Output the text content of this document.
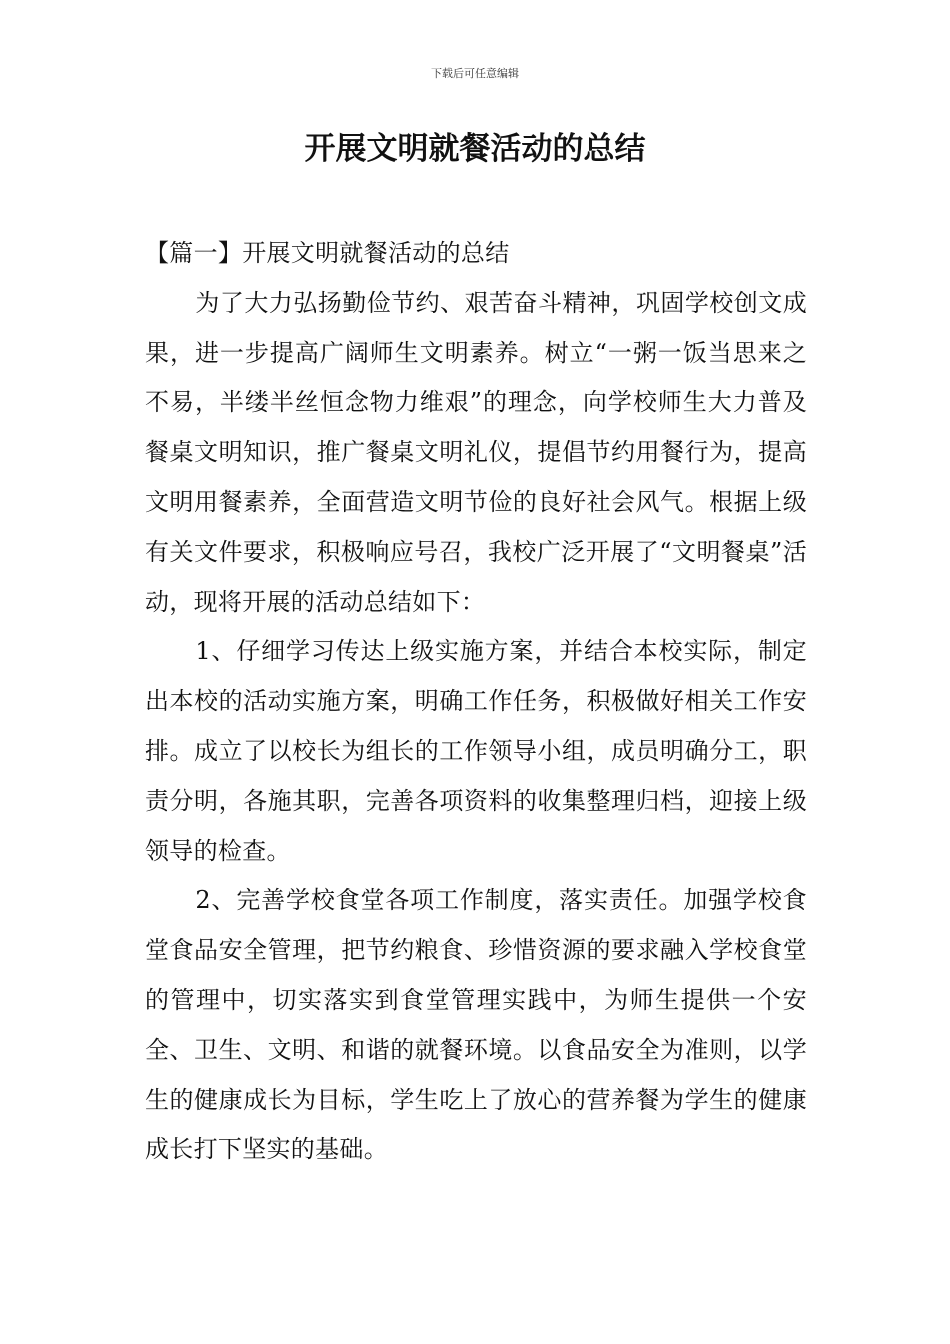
下载后可任意编辑
开展文明就餐活动的总结

【篇一】开展文明就餐活动的总结

为了大力弘扬勤俭节约、艰苦奋斗精神，巩固学校创文成果，进一步提高广阔师生文明素养。树立“一粥一饭当思来之不易，半缕半丝恒念物力维艰”的理念，向学校师生大力普及餐桌文明知识，推广餐桌文明礼仪，提倡节约用餐行为，提高文明用餐素养，全面营造文明节俭的良好社会风气。根据上级有关文件要求，积极响应号召，我校广泛开展了“文明餐桌”活动，现将开展的活动总结如下：

1、仔细学习传达上级实施方案，并结合本校实际，制定出本校的活动实施方案，明确工作任务，积极做好相关工作安排。成立了以校长为组长的工作领导小组，成员明确分工，职责分明，各施其职，完善各项资料的收集整理归档，迎接上级领导的检查。

2、完善学校食堂各项工作制度，落实责任。加强学校食堂食品安全管理，把节约粮食、珍惜资源的要求融入学校食堂的管理中，切实落实到食堂管理实践中，为师生提供一个安全、卫生、文明、和谐的就餐环境。以食品安全为准则，以学生的健康成长为目标，学生吃上了放心的营养餐为学生的健康成长打下坚实的基础。
